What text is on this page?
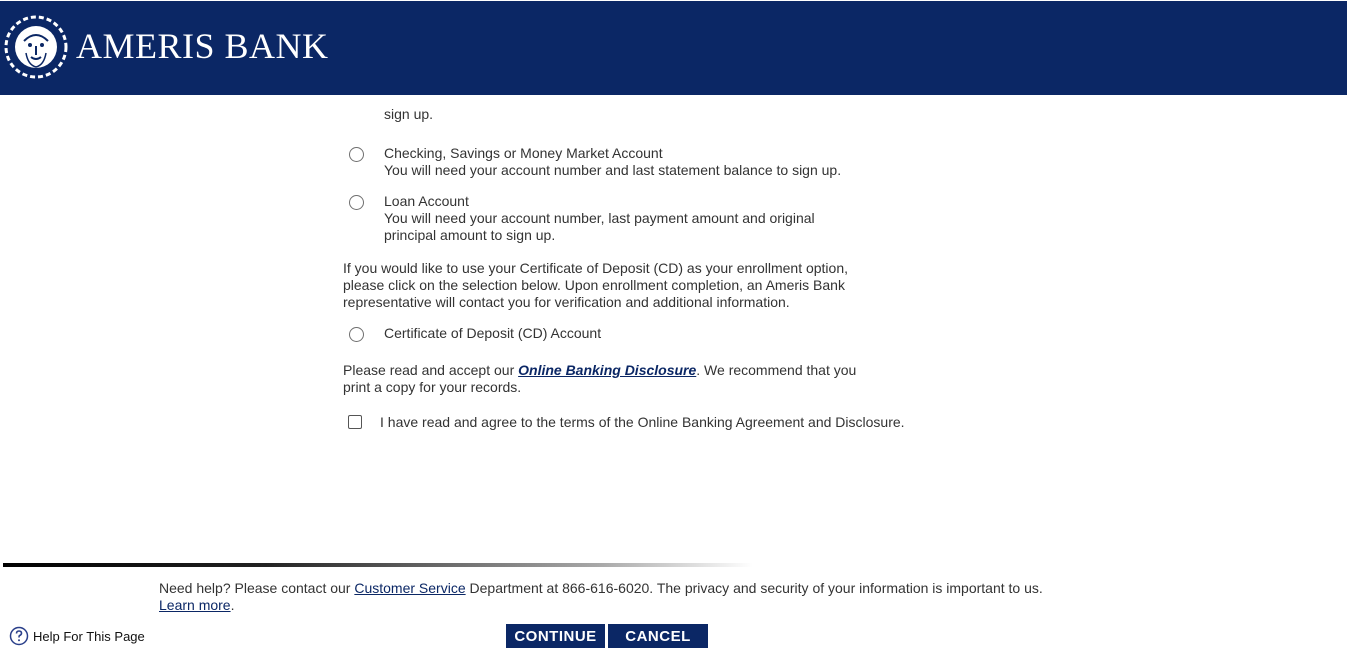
AMERIS BANK
sign up.
Checking, Savings or Money Market Account
You will need your account number and last statement balance to sign up.
Loan Account
You will need your account number, last payment amount and original principal amount to sign up.
If you would like to use your Certificate of Deposit (CD) as your enrollment option, please click on the selection below. Upon enrollment completion, an Ameris Bank representative will contact you for verification and additional information.
Certificate of Deposit (CD) Account
Please read and accept our Online Banking Disclosure. We recommend that you print a copy for your records.
I have read and agree to the terms of the Online Banking Agreement and Disclosure.
Need help? Please contact our Customer Service Department at 866-616-6020. The privacy and security of your information is important to us. Learn more.
Help For This Page	CONTINUE	CANCEL
